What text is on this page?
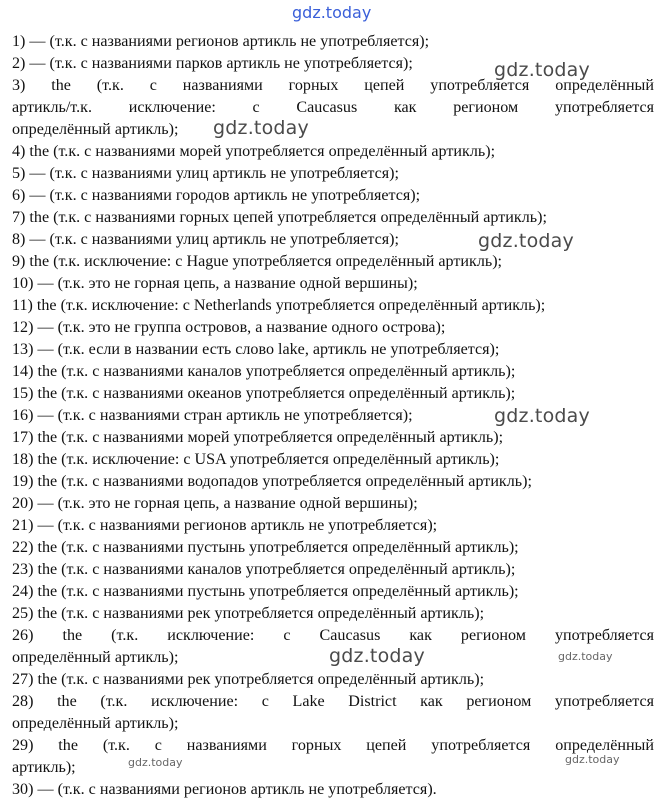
gdz.today
1) — (т.к. с названиями регионов артикль не употребляется);
2) — (т.к. с названиями парков артикль не употребляется);
3) the (т.к. с названиями горных цепей употребляется определённый
артикль/т.к. исключение: с Caucasus как регионом употребляется
определённый артикль);
4) the (т.к. с названиями морей употребляется определённый артикль);
5) — (т.к. с названиями улиц артикль не употребляется);
6) — (т.к. с названиями городов артикль не употребляется);
7) the (т.к. с названиями горных цепей употребляется определённый артикль);
8) — (т.к. с названиями улиц артикль не употребляется);
9) the (т.к. исключение: с Hague употребляется определённый артикль);
10) — (т.к. это не горная цепь, а название одной вершины);
11) the (т.к. исключение: с Netherlands употребляется определённый артикль);
12) — (т.к. это не группа островов, а название одного острова);
13) — (т.к. если в названии есть слово lake, артикль не употребляется);
14) the (т.к. с названиями каналов употребляется определённый артикль);
15) the (т.к. с названиями океанов употребляется определённый артикль);
16) — (т.к. с названиями стран артикль не употребляется);
17) the (т.к. с названиями морей употребляется определённый артикль);
18) the (т.к. исключение: с USA употребляется определённый артикль);
19) the (т.к. с названиями водопадов употребляется определённый артикль);
20) — (т.к. это не горная цепь, а название одной вершины);
21) — (т.к. с названиями регионов артикль не употребляется);
22) the (т.к. с названиями пустынь употребляется определённый артикль);
23) the (т.к. с названиями каналов употребляется определённый артикль);
24) the (т.к. с названиями пустынь употребляется определённый артикль);
25) the (т.к. с названиями рек употребляется определённый артикль);
26) the (т.к. исключение: с Caucasus как регионом употребляется
определённый артикль);
27) the (т.к. с названиями рек употребляется определённый артикль);
28) the (т.к. исключение: с Lake District как регионом употребляется
определённый артикль);
29) the (т.к. с названиями горных цепей употребляется определённый
артикль);
30) — (т.к. с названиями регионов артикль не употребляется).
gdz.today
gdz.today
gdz.today
gdz.today
gdz.today	gdz.today
gdz.today	gdz.today
